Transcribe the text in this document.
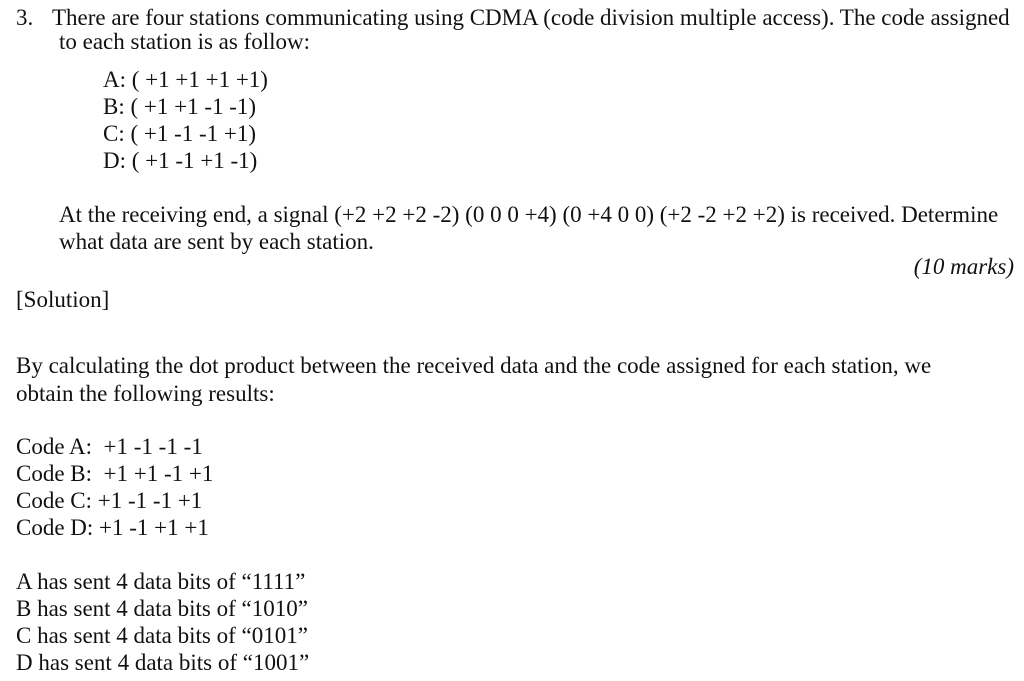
3. There are four stations communicating using CDMA (code division multiple access). The code assigned
to each station is as follow:
A: ( +1 +1 +1 +1)
B: ( +1 +1 -1 -1)
C: ( +1 -1 -1 +1)
D: ( +1 -1 +1 -1)
At the receiving end, a signal (+2 +2 +2 -2) (0 0 0 +4) (0 +4 0 0) (+2 -2 +2 +2) is received. Determine
what data are sent by each station.
(10 marks)
[Solution]
By calculating the dot product between the received data and the code assigned for each station, we
obtain the following results:
Code A:  +1 -1 -1 -1
Code B:  +1 +1 -1 +1
Code C: +1 -1 -1 +1
Code D: +1 -1 +1 +1
A has sent 4 data bits of “1111”
B has sent 4 data bits of “1010”
C has sent 4 data bits of “0101”
D has sent 4 data bits of “1001”
